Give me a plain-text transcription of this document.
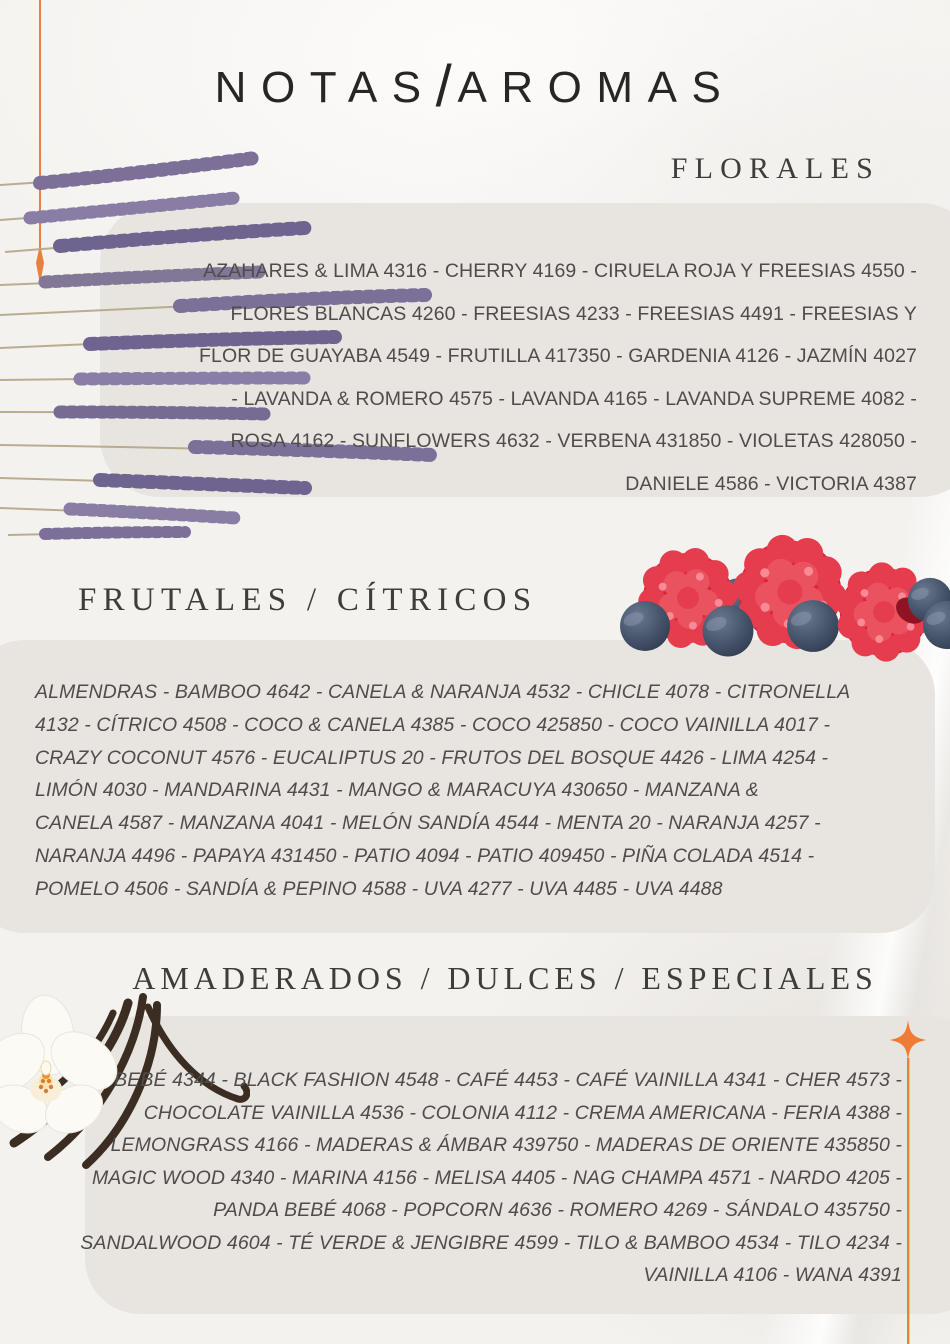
NOTAS/AROMAS
FLORALES

AZAHARES & LIMA 4316 - CHERRY 4169 - CIRUELA ROJA Y FREESIAS 4550 -

FLORES BLANCAS 4260 - FREESIAS 4233 - FREESIAS 4491 - FREESIAS Y

FLOR DE GUAYABA 4549 - FRUTILLA 417350 - GARDENIA 4126 - JAZMÍN 4027

- LAVANDA & ROMERO 4575 - LAVANDA 4165 - LAVANDA SUPREME 4082 -

ROSA 4162 - SUNFLOWERS 4632 - VERBENA 431850 - VIOLETAS 428050 -

DANIELE 4586 - VICTORIA 4387

FRUTALES / CÍTRICOS

ALMENDRAS - BAMBOO 4642 - CANELA & NARANJA 4532 - CHICLE 4078 - CITRONELLA

4132 - CÍTRICO 4508 - COCO & CANELA 4385 - COCO 425850 - COCO VAINILLA 4017 -

CRAZY COCONUT 4576 - EUCALIPTUS 20 - FRUTOS DEL BOSQUE 4426 - LIMA 4254 -

LIMÓN 4030 - MANDARINA 4431 - MANGO & MARACUYA 430650 - MANZANA &

CANELA 4587 - MANZANA 4041 - MELÓN SANDÍA 4544 - MENTA 20 - NARANJA 4257 -

NARANJA 4496 - PAPAYA 431450 - PATIO 4094 - PATIO 409450 - PIÑA COLADA 4514 -

POMELO 4506 - SANDÍA & PEPINO 4588 - UVA 4277 - UVA 4485 - UVA 4488

AMADERADOS / DULCES / ESPECIALES

BEBÉ 4344 - BLACK FASHION 4548 - CAFÉ 4453 - CAFÉ VAINILLA 4341 - CHER 4573 -

CHOCOLATE VAINILLA 4536 - COLONIA 4112 - CREMA AMERICANA - FERIA 4388 -

LEMONGRASS 4166 - MADERAS & ÁMBAR 439750 - MADERAS DE ORIENTE 435850 -

MAGIC WOOD 4340 - MARINA 4156 - MELISA 4405 - NAG CHAMPA 4571 - NARDO 4205 -

PANDA BEBÉ 4068 - POPCORN 4636 - ROMERO 4269 - SÁNDALO 435750 -

SANDALWOOD 4604 - TÉ VERDE & JENGIBRE 4599 - TILO & BAMBOO 4534 - TILO 4234 -

VAINILLA 4106 - WANA 4391
